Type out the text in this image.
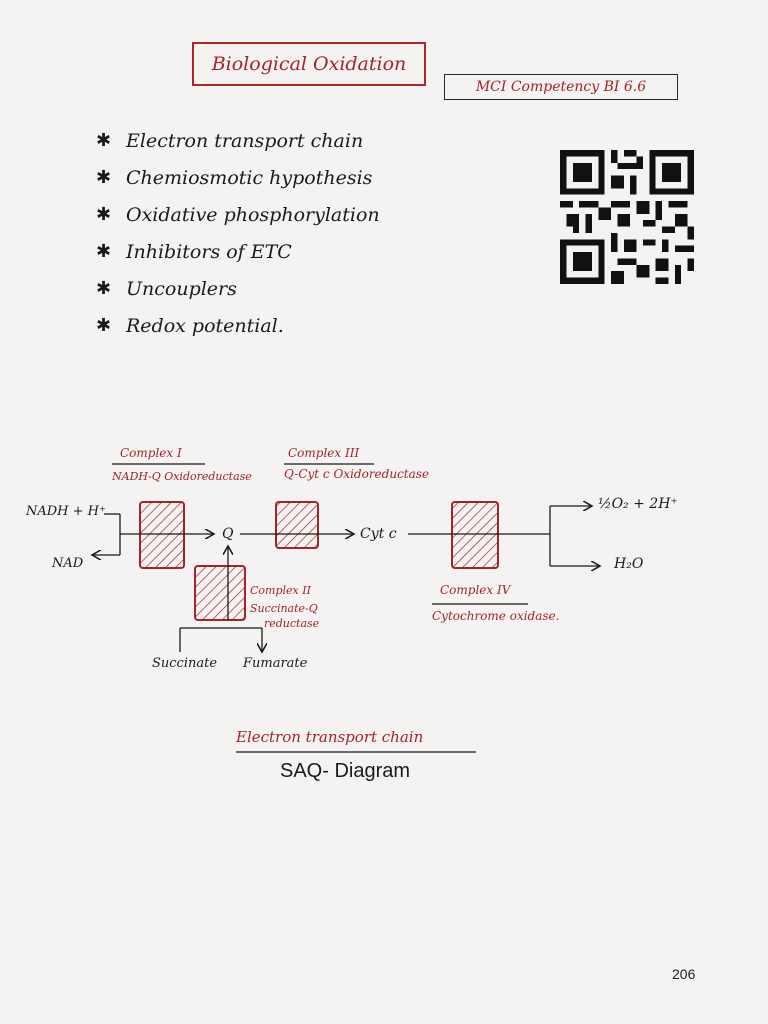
Biological Oxidation
MCI Competency BI 6.6
✱ Electron transport chain
✱ Chemiosmotic hypothesis
✱ Oxidative phosphorylation
✱ Inhibitors of ETC
✱ Uncouplers
✱ Redox potential.
Complex I
NADH-Q Oxidoreductase
Complex III
Q-Cyt c Oxidoreductase
Complex II
Succinate-Q
reductase
Complex IV
Cytochrome oxidase.
NADH + H⁺
NAD
Q	Cyt c
½O₂ + 2H⁺
H₂O
Succinate Fumarate
Electron transport chain
SAQ- Diagram
206
